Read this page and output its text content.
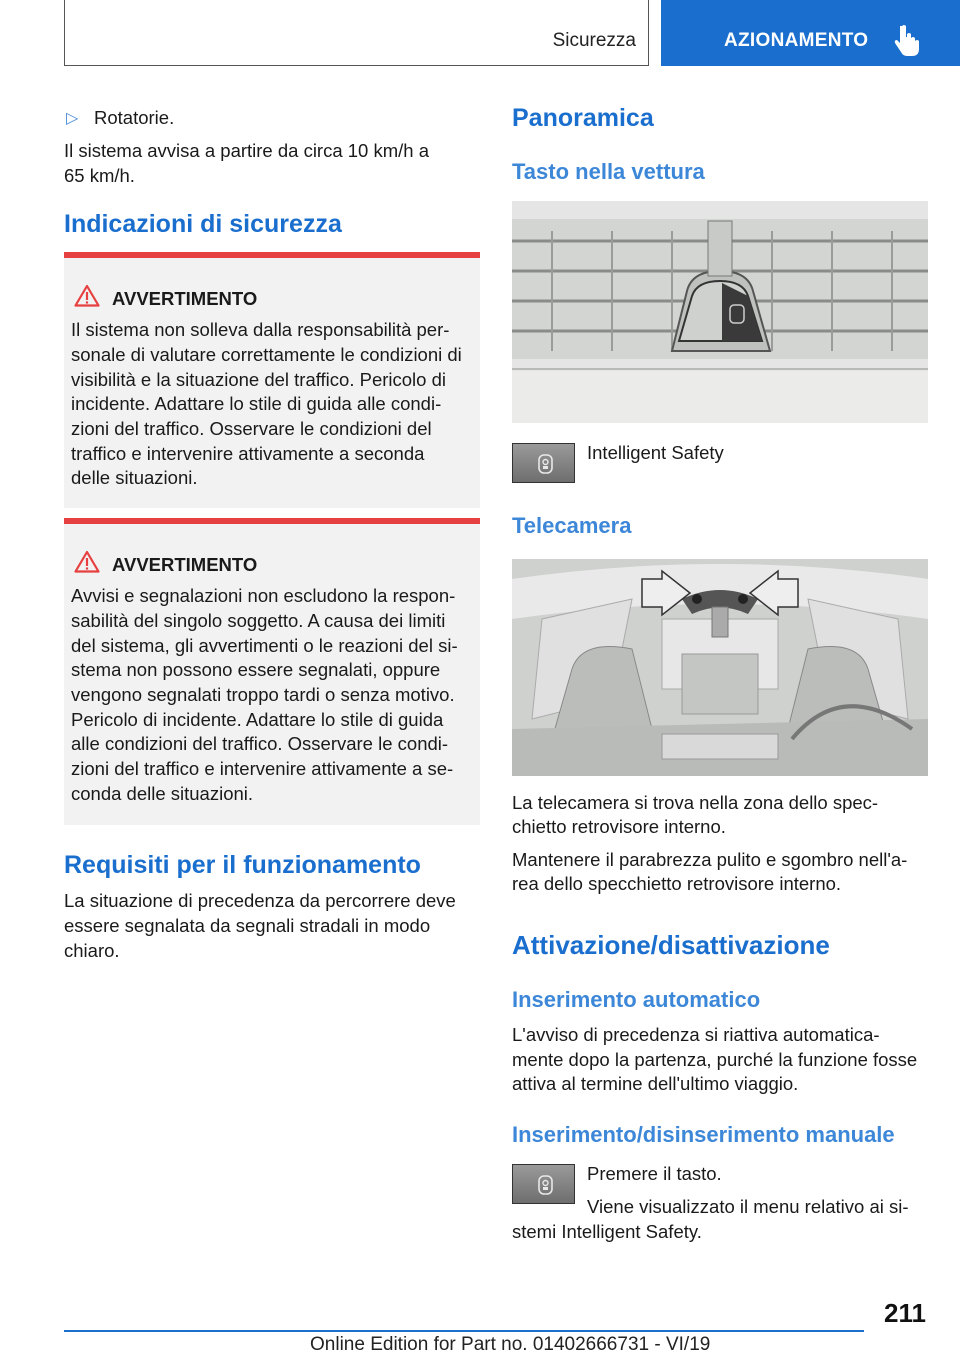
Sicurezza	AZIONAMENTO
▷ Rotatorie.
Il sistema avvisa a partire da circa 10 km/h a
65 km/h.
Indicazioni di sicurezza
AVVERTIMENTO
Il sistema non solleva dalla responsabilità per-
sonale di valutare correttamente le condizioni di
visibilità e la situazione del traffico. Pericolo di
incidente. Adattare lo stile di guida alle condi-
zioni del traffico. Osservare le condizioni del
traffico e intervenire attivamente a seconda
delle situazioni.
AVVERTIMENTO
Avvisi e segnalazioni non escludono la respon-
sabilità del singolo soggetto. A causa dei limiti
del sistema, gli avvertimenti o le reazioni del si-
stema non possono essere segnalati, oppure
vengono segnalati troppo tardi o senza motivo.
Pericolo di incidente. Adattare lo stile di guida
alle condizioni del traffico. Osservare le condi-
zioni del traffico e intervenire attivamente a se-
conda delle situazioni.
Requisiti per il funzionamento
La situazione di precedenza da percorrere deve
essere segnalata da segnali stradali in modo
chiaro.
Panoramica
Tasto nella vettura
Intelligent Safety
Telecamera
La telecamera si trova nella zona dello spec-
chietto retrovisore interno.
Mantenere il parabrezza pulito e sgombro nell'a-
rea dello specchietto retrovisore interno.
Attivazione/disattivazione
Inserimento automatico
L'avviso di precedenza si riattiva automatica-
mente dopo la partenza, purché la funzione fosse
attiva al termine dell'ultimo viaggio.
Inserimento/disinserimento manuale
Premere il tasto.
Viene visualizzato il menu relativo ai si-
stemi Intelligent Safety.
211
Online Edition for Part no. 01402666731 - VI/19
